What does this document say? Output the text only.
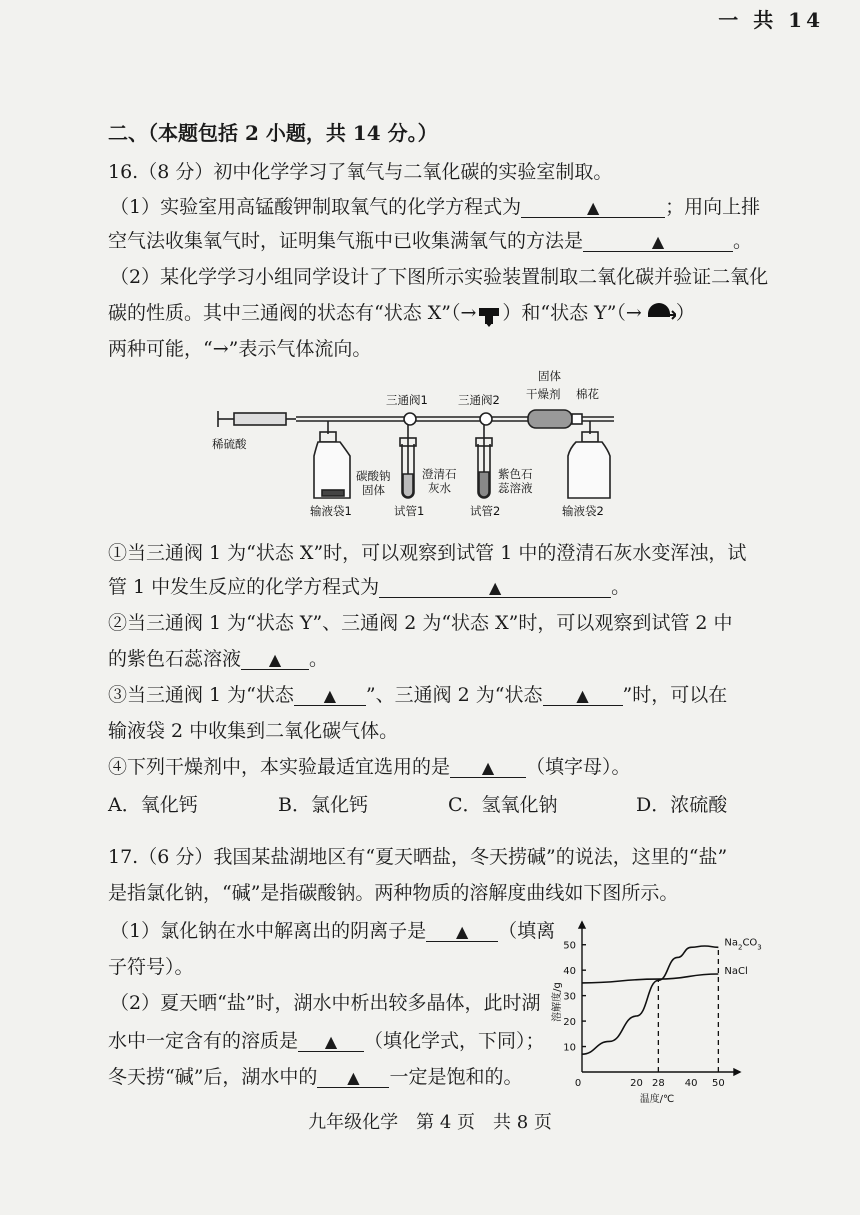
一 共 14
二、（本题包括 2 小题，共 14 分。）
16.（8 分）初中化学学习了氧气与二氧化碳的实验室制取。
（1）实验室用高锰酸钾制取氧气的化学方程式为	▲	；用向上排
空气法收集氧气时，证明集气瓶中已收集满氧气的方法是	▲	。
（2）某化学学习小组同学设计了下图所示实验装置制取二氧化碳并验证二氧化
碳的性质。其中三通阀的状态有“状态 X”（→ ）和“状态 Y”（→ ）
两种可能，“→”表示气体流向。
稀硫酸
三通阀1	三通阀2
固体
干燥剂 棉花
碳酸钠
固体
澄清石
灰水
紫色石
蕊溶液
输液袋1	试管1	试管2	输液袋2
①当三通阀 1 为“状态 X”时，可以观察到试管 1 中的澄清石灰水变浑浊，试
管 1 中发生反应的化学方程式为	▲	。
②当三通阀 1 为“状态 Y”、三通阀 2 为“状态 X”时，可以观察到试管 2 中
的紫色石蕊溶液 ▲ 。
③当三通阀 1 为“状态 ▲ ”、三通阀 2 为“状态 ▲ ”时，可以在
输液袋 2 中收集到二氧化碳气体。
④下列干燥剂中，本实验最适宜选用的是 ▲ （填字母）。
A．氧化钙	B．氯化钙	C．氢氧化钠	D．浓硫酸
17.（6 分）我国某盐湖地区有“夏天晒盐，冬天捞碱”的说法，这里的“盐”
是指氯化钠，“碱”是指碳酸钠。两种物质的溶解度曲线如下图所示。
（1）氯化钠在水中解离出的阴离子是 ▲ （填离
子符号）。
（2）夏天晒“盐”时，湖水中析出较多晶体，此时湖
水中一定含有的溶质是 ▲ （填化学式，下同）；
冬天捞“碱”后，湖水中的 ▲ 一定是饱和的。
10
20
30
40
50
20 28 40 50
0
温度/℃
溶解度/g
$Na_2CO_3$
NaCl
九年级化学　第 4 页　共 8 页
